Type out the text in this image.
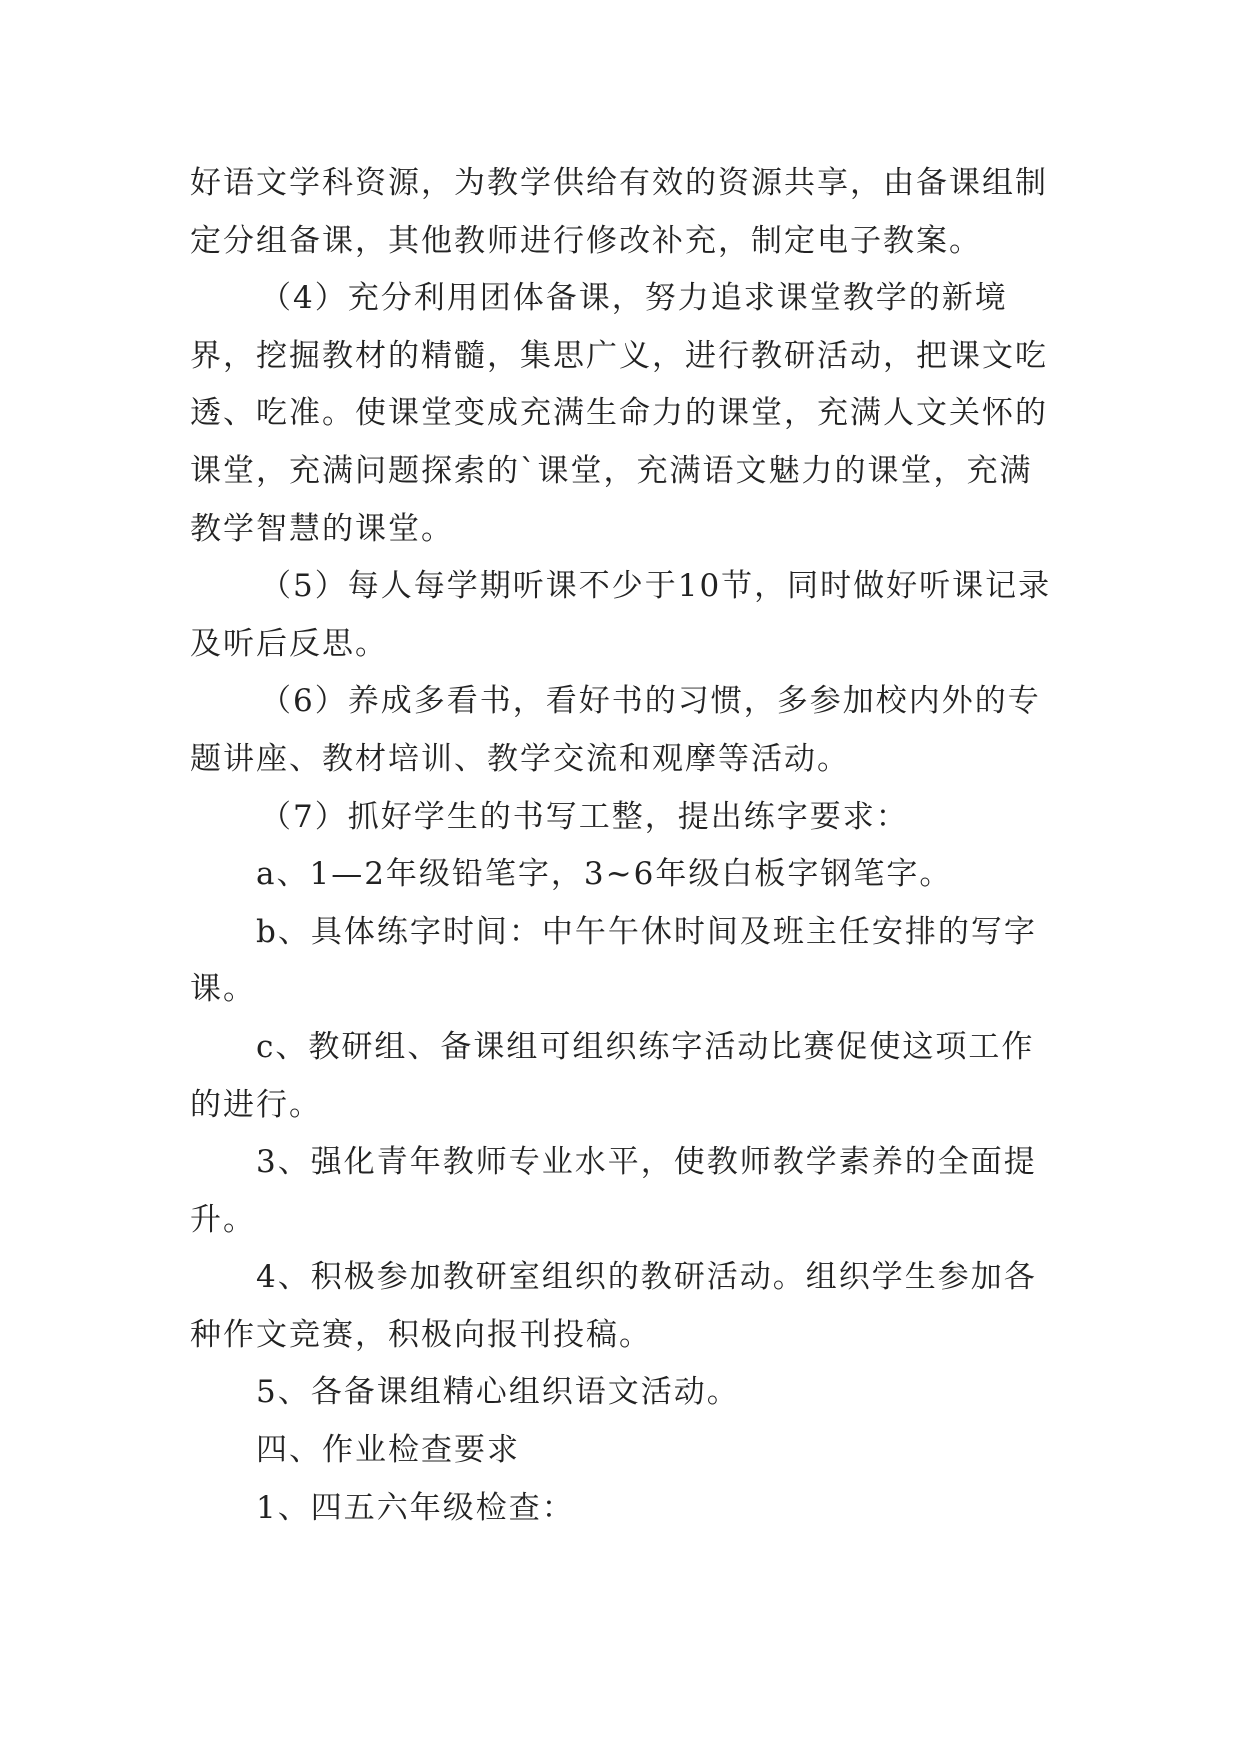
好语文学科资源，为教学供给有效的资源共享，由备课组制定分组备课，其他教师进行修改补充，制定电子教案。

（4）充分利用团体备课，努力追求课堂教学的新境界，挖掘教材的精髓，集思广义，进行教研活动，把课文吃透、吃准。使课堂变成充满生命力的课堂，充满人文关怀的课堂，充满问题探索的`课堂，充满语文魅力的课堂，充满教学智慧的课堂。

（5）每人每学期听课不少于10节，同时做好听课记录及听后反思。

（6）养成多看书，看好书的习惯，多参加校内外的专题讲座、教材培训、教学交流和观摩等活动。

（7）抓好学生的书写工整，提出练字要求：

a、1—2年级铅笔字，3~6年级白板字钢笔字。

b、具体练字时间：中午午休时间及班主任安排的写字课。

c、教研组、备课组可组织练字活动比赛促使这项工作的进行。

3、强化青年教师专业水平，使教师教学素养的全面提升。

4、积极参加教研室组织的教研活动。组织学生参加各种作文竞赛，积极向报刊投稿。

5、各备课组精心组织语文活动。

四、作业检查要求

1、四五六年级检查：
